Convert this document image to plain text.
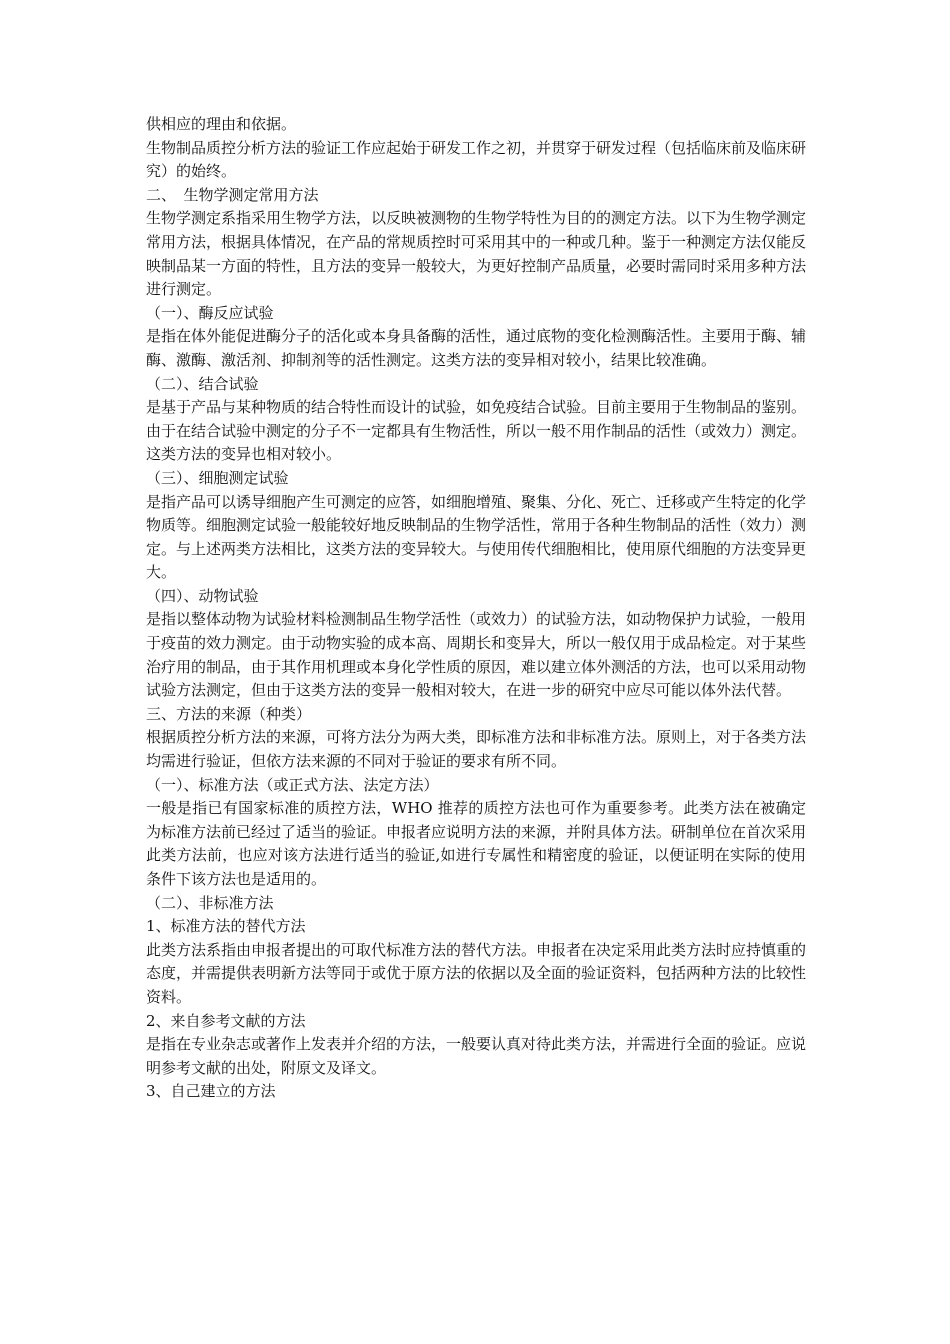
供相应的理由和依据。

生物制品质控分析方法的验证工作应起始于研发工作之初，并贯穿于研发过程（包括临床前及临床研究）的始终。

二、　生物学测定常用方法

生物学测定系指采用生物学方法，以反映被测物的生物学特性为目的的测定方法。以下为生物学测定常用方法，根据具体情况，在产品的常规质控时可采用其中的一种或几种。鉴于一种测定方法仅能反映制品某一方面的特性，且方法的变异一般较大，为更好控制产品质量，必要时需同时采用多种方法进行测定。

（一）、酶反应试验

是指在体外能促进酶分子的活化或本身具备酶的活性，通过底物的变化检测酶活性。主要用于酶、辅酶、激酶、激活剂、抑制剂等的活性测定。这类方法的变异相对较小，结果比较准确。

（二）、结合试验

是基于产品与某种物质的结合特性而设计的试验，如免疫结合试验。目前主要用于生物制品的鉴别。由于在结合试验中测定的分子不一定都具有生物活性，所以一般不用作制品的活性（或效力）测定。这类方法的变异也相对较小。

（三）、细胞测定试验

是指产品可以诱导细胞产生可测定的应答，如细胞增殖、聚集、分化、死亡、迁移或产生特定的化学物质等。细胞测定试验一般能较好地反映制品的生物学活性，常用于各种生物制品的活性（效力）测定。与上述两类方法相比，这类方法的变异较大。与使用传代细胞相比，使用原代细胞的方法变异更大。

（四）、动物试验

是指以整体动物为试验材料检测制品生物学活性（或效力）的试验方法，如动物保护力试验，一般用于疫苗的效力测定。由于动物实验的成本高、周期长和变异大，所以一般仅用于成品检定。对于某些治疗用的制品，由于其作用机理或本身化学性质的原因，难以建立体外测活的方法，也可以采用动物试验方法测定，但由于这类方法的变异一般相对较大，在进一步的研究中应尽可能以体外法代替。

三、方法的来源（种类）

根据质控分析方法的来源，可将方法分为两大类，即标准方法和非标准方法。原则上，对于各类方法均需进行验证，但依方法来源的不同对于验证的要求有所不同。

（一）、标准方法（或正式方法、法定方法）

一般是指已有国家标准的质控方法，WHO 推荐的质控方法也可作为重要参考。此类方法在被确定为标准方法前已经过了适当的验证。申报者应说明方法的来源，并附具体方法。研制单位在首次采用此类方法前，也应对该方法进行适当的验证,如进行专属性和精密度的验证，以便证明在实际的使用条件下该方法也是适用的。

（二）、非标准方法

1、标准方法的替代方法

此类方法系指由申报者提出的可取代标准方法的替代方法。申报者在决定采用此类方法时应持慎重的态度，并需提供表明新方法等同于或优于原方法的依据以及全面的验证资料，包括两种方法的比较性资料。

2、来自参考文献的方法

是指在专业杂志或著作上发表并介绍的方法，一般要认真对待此类方法，并需进行全面的验证。应说明参考文献的出处，附原文及译文。

3、自己建立的方法
